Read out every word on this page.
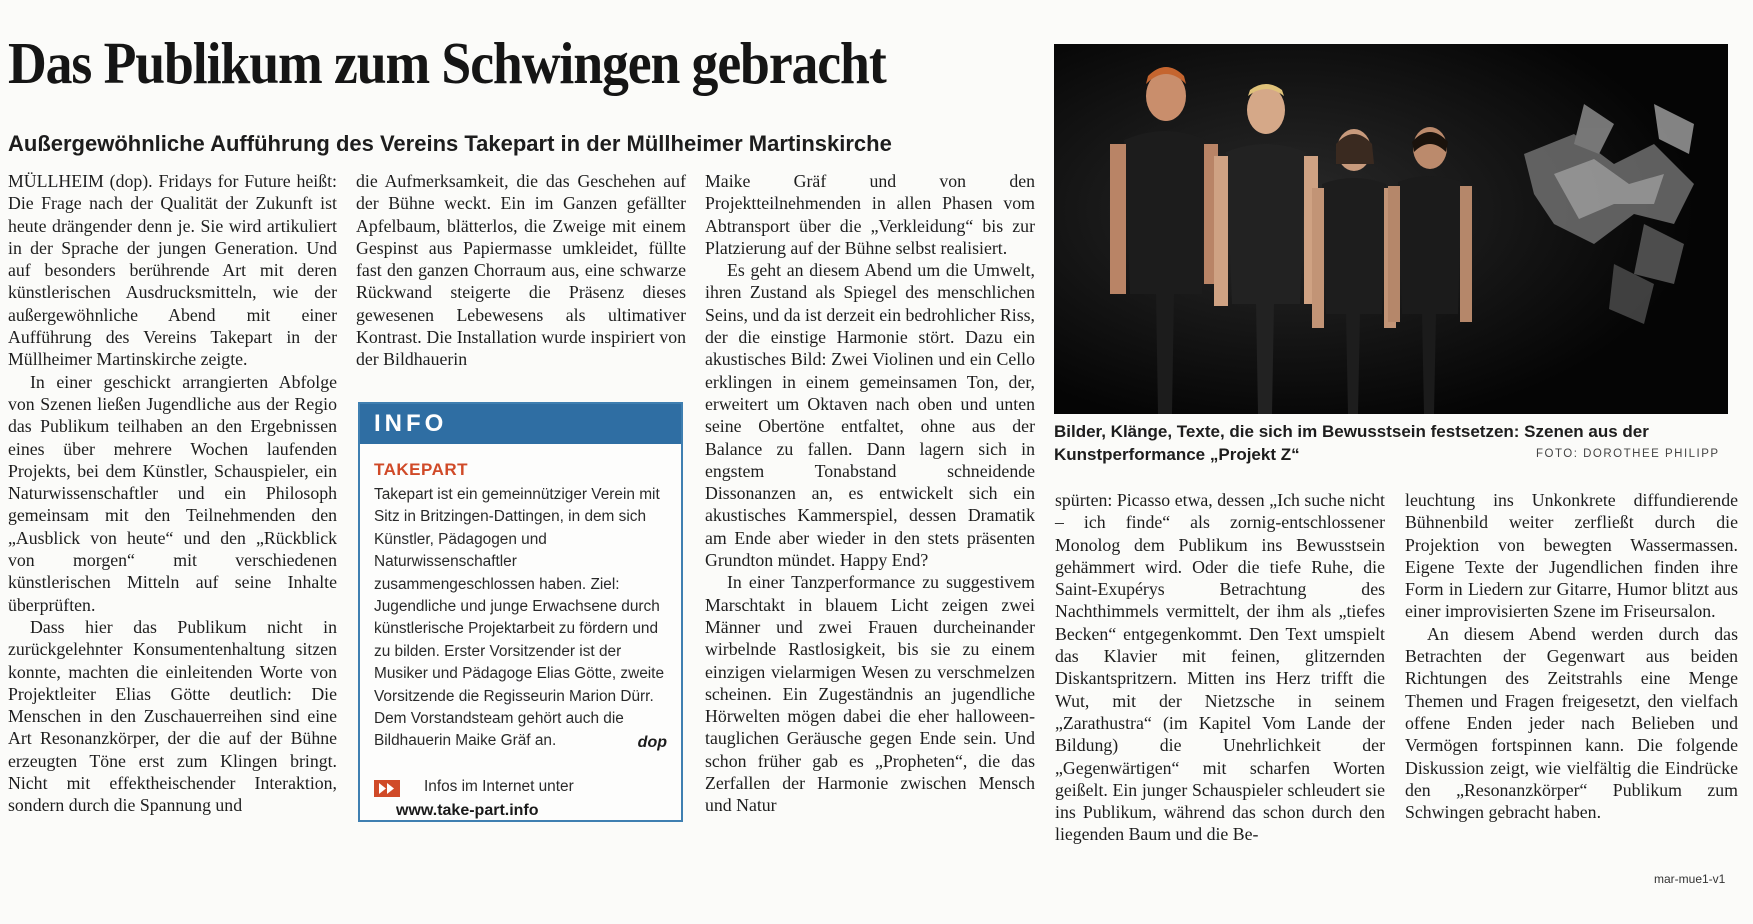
Das Publikum zum Schwingen gebracht
Außergewöhnliche Aufführung des Vereins Takepart in der Müllheimer Martinskirche

MÜLLHEIM (dop). Fridays for Future heißt: Die Frage nach der Qualität der Zukunft ist heute drängender denn je. Sie wird artikuliert in der Sprache der jungen Generation. Und auf besonders berührende Art mit deren künstlerischen Ausdrucksmitteln, wie der außergewöhnliche Abend mit einer Aufführung des Vereins Takepart in der Müllheimer Martinskirche zeigte.

In einer geschickt arrangierten Abfolge von Szenen ließen Jugendliche aus der Regio das Publikum teilhaben an den Ergebnissen eines über mehrere Wochen laufenden Projekts, bei dem Künstler, Schauspieler, ein Naturwissenschaftler und ein Philosoph gemeinsam mit den Teilnehmenden den „Ausblick von heute“ und den „Rückblick von morgen“ mit verschiedenen künstlerischen Mitteln auf seine Inhalte überprüften.

Dass hier das Publikum nicht in zurückgelehnter Konsumentenhaltung sitzen konnte, machten die einleitenden Worte von Projektleiter Elias Götte deutlich: Die Menschen in den Zuschauerreihen sind eine Art Resonanzkörper, der die auf der Bühne erzeugten Töne erst zum Klingen bringt. Nicht mit effektheischender Interaktion, sondern durch die Spannung und

die Aufmerksamkeit, die das Geschehen auf der Bühne weckt. Ein im Ganzen gefällter Apfelbaum, blätterlos, die Zweige mit einem Gespinst aus Papiermasse umkleidet, füllte fast den ganzen Chorraum aus, eine schwarze Rückwand steigerte die Präsenz dieses gewesenen Lebewesens als ultimativer Kontrast. Die Installation wurde inspiriert von der Bildhauerin

INFO
TAKEPART

Takepart ist ein gemeinnütziger Verein mit Sitz in Britzingen-Dattingen, in dem sich Künstler, Pädagogen und Naturwissenschaftler zusammengeschlossen haben. Ziel: Jugendliche und junge Erwachsene durch künstlerische Projektarbeit zu fördern und zu bilden. Erster Vorsitzender ist der Musiker und Pädagoge Elias Götte, zweite Vorsitzende die Regisseurin Marion Dürr. Dem Vorstandsteam gehört auch die Bildhauerin Maike Gräf an.	dop
Infos im Internet unter
www.take-part.info

Maike Gräf und von den Projektteilnehmenden in allen Phasen vom Abtransport über die „Verkleidung“ bis zur Platzierung auf der Bühne selbst realisiert.

Es geht an diesem Abend um die Umwelt, ihren Zustand als Spiegel des menschlichen Seins, und da ist derzeit ein bedrohlicher Riss, der die einstige Harmonie stört. Dazu ein akustisches Bild: Zwei Violinen und ein Cello erklingen in einem gemeinsamen Ton, der, erweitert um Oktaven nach oben und unten seine Obertöne entfaltet, ohne aus der Balance zu fallen. Dann lagern sich in engstem Tonabstand schneidende Dissonanzen an, es entwickelt sich ein akustisches Kammerspiel, dessen Dramatik am Ende aber wieder in den stets präsenten Grundton mündet. Happy End?

In einer Tanzperformance zu suggestivem Marschtakt in blauem Licht zeigen zwei Männer und zwei Frauen durcheinander wirbelnde Rastlosigkeit, bis sie zu einem einzigen vielarmigen Wesen zu verschmelzen scheinen. Ein Zugeständnis an jugendliche Hörwelten mögen dabei die eher halloween-tauglichen Geräusche gegen Ende sein. Und schon früher gab es „Propheten“, die das Zerfallen der Harmonie zwischen Mensch und Natur

Bilder, Klänge, Texte, die sich im Bewusstsein festsetzen: Szenen aus der Kunstperformance „Projekt Z“	FOTO: DOROTHEE PHILIPP

spürten: Picasso etwa, dessen „Ich suche nicht – ich finde“ als zornig-entschlossener Monolog dem Publikum ins Bewusstsein gehämmert wird. Oder die tiefe Ruhe, die Saint-Exupérys Betrachtung des Nachthimmels vermittelt, der ihm als „tiefes Becken“ entgegenkommt. Den Text umspielt das Klavier mit feinen, glitzernden Diskantspritzern. Mitten ins Herz trifft die Wut, mit der Nietzsche in seinem „Zarathustra“ (im Kapitel Vom Lande der Bildung) die Unehrlichkeit der „Gegenwärtigen“ mit scharfen Worten geißelt. Ein junger Schauspieler schleudert sie ins Publikum, während das schon durch den liegenden Baum und die Be-

leuchtung ins Unkonkrete diffundierende Bühnenbild weiter zerfließt durch die Projektion von bewegten Wassermassen. Eigene Texte der Jugendlichen finden ihre Form in Liedern zur Gitarre, Humor blitzt aus einer improvisierten Szene im Friseursalon.

An diesem Abend werden durch das Betrachten der Gegenwart aus beiden Richtungen des Zeitstrahls eine Menge Themen und Fragen freigesetzt, den vielfach offene Enden jeder nach Belieben und Vermögen fortspinnen kann. Die folgende Diskussion zeigt, wie vielfältig die Eindrücke den „Resonanzkörper“ Publikum zum Schwingen gebracht haben.

mar-mue1-v1
